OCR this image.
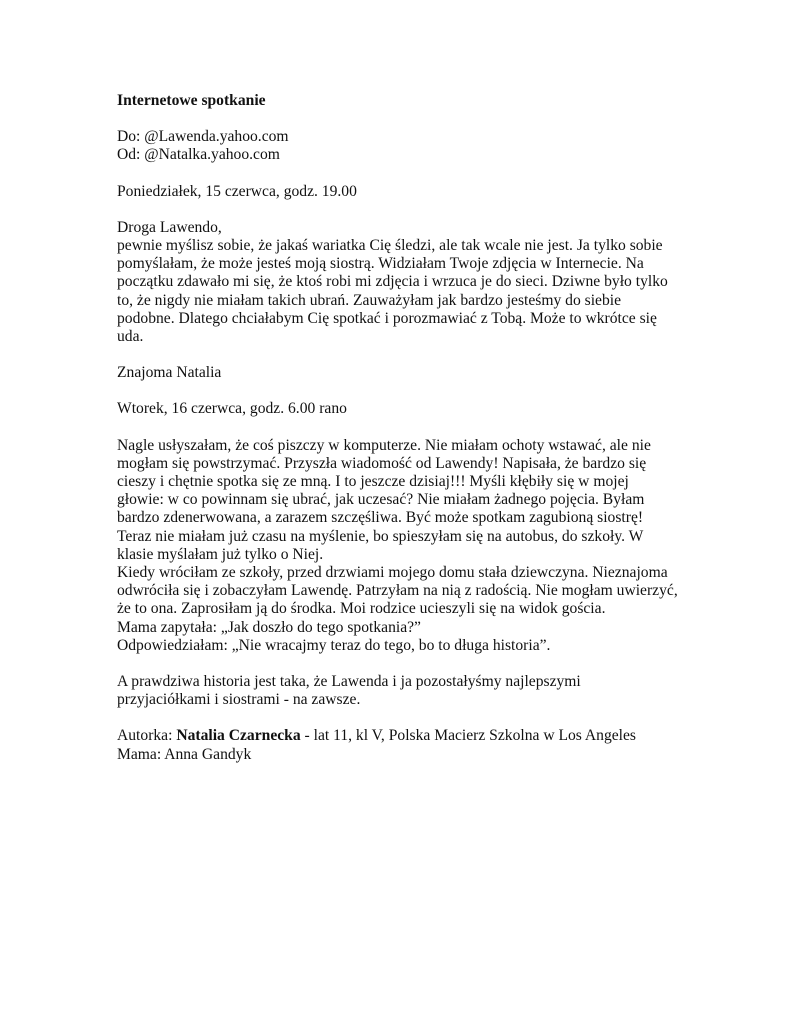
Internetowe spotkanie

Do: @Lawenda.yahoo.com
Od: @Natalka.yahoo.com

Poniedziałek, 15 czerwca, godz. 19.00

Droga Lawendo,
pewnie myślisz sobie, że jakaś wariatka Cię śledzi, ale tak wcale nie jest. Ja tylko sobie
pomyślałam, że może jesteś moją siostrą. Widziałam Twoje zdjęcia w Internecie. Na
początku zdawało mi się, że ktoś robi mi zdjęcia i wrzuca je do sieci. Dziwne było tylko
to, że nigdy nie miałam takich ubrań. Zauważyłam jak bardzo jesteśmy do siebie
podobne. Dlatego chciałabym Cię spotkać i porozmawiać z Tobą. Może to wkrótce się
uda.

Znajoma Natalia

Wtorek, 16 czerwca, godz. 6.00 rano

Nagle usłyszałam, że coś piszczy w komputerze. Nie miałam ochoty wstawać, ale nie
mogłam się powstrzymać. Przyszła wiadomość od Lawendy! Napisała, że bardzo się
cieszy i chętnie spotka się ze mną. I to jeszcze dzisiaj!!! Myśli kłębiły się w mojej
głowie: w co powinnam się ubrać, jak uczesać? Nie miałam żadnego pojęcia. Byłam
bardzo zdenerwowana, a zarazem szczęśliwa. Być może spotkam zagubioną siostrę!
Teraz nie miałam już czasu na myślenie, bo spieszyłam się na autobus, do szkoły. W
klasie myślałam już tylko o Niej.
Kiedy wróciłam ze szkoły, przed drzwiami mojego domu stała dziewczyna. Nieznajoma
odwróciła się i zobaczyłam Lawendę. Patrzyłam na nią z radością. Nie mogłam uwierzyć,
że to ona. Zaprosiłam ją do środka. Moi rodzice ucieszyli się na widok gościa.
Mama zapytała: „Jak doszło do tego spotkania?”
Odpowiedziałam: „Nie wracajmy teraz do tego, bo to długa historia”.

A prawdziwa historia jest taka, że Lawenda i ja pozostałyśmy najlepszymi
przyjaciółkami i siostrami - na zawsze.

Autorka: Natalia Czarnecka - lat 11, kl V, Polska Macierz Szkolna w Los Angeles
Mama: Anna Gandyk
